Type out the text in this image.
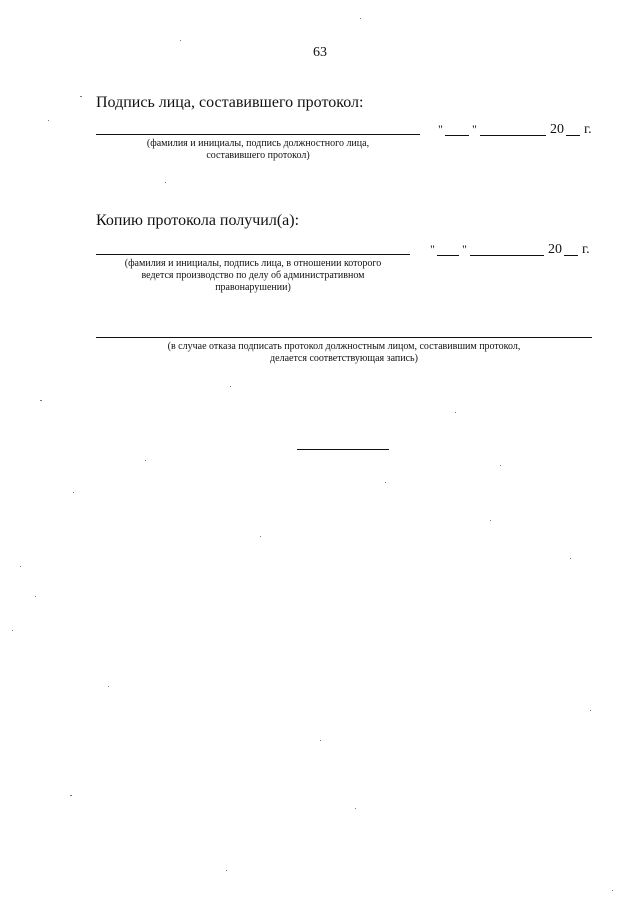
63
Подпись лица, составившего протокол:
(фамилия и инициалы, подпись должностного лица,
составившего протокол)
" "	20 г.
Копию протокола получил(а):
(фамилия и инициалы, подпись лица, в отношении которого
ведется производство по делу об административном
правонарушении)
" "	20 г.
(в случае отказа подписать протокол должностным лицом, составившим протокол,
делается соответствующая запись)
